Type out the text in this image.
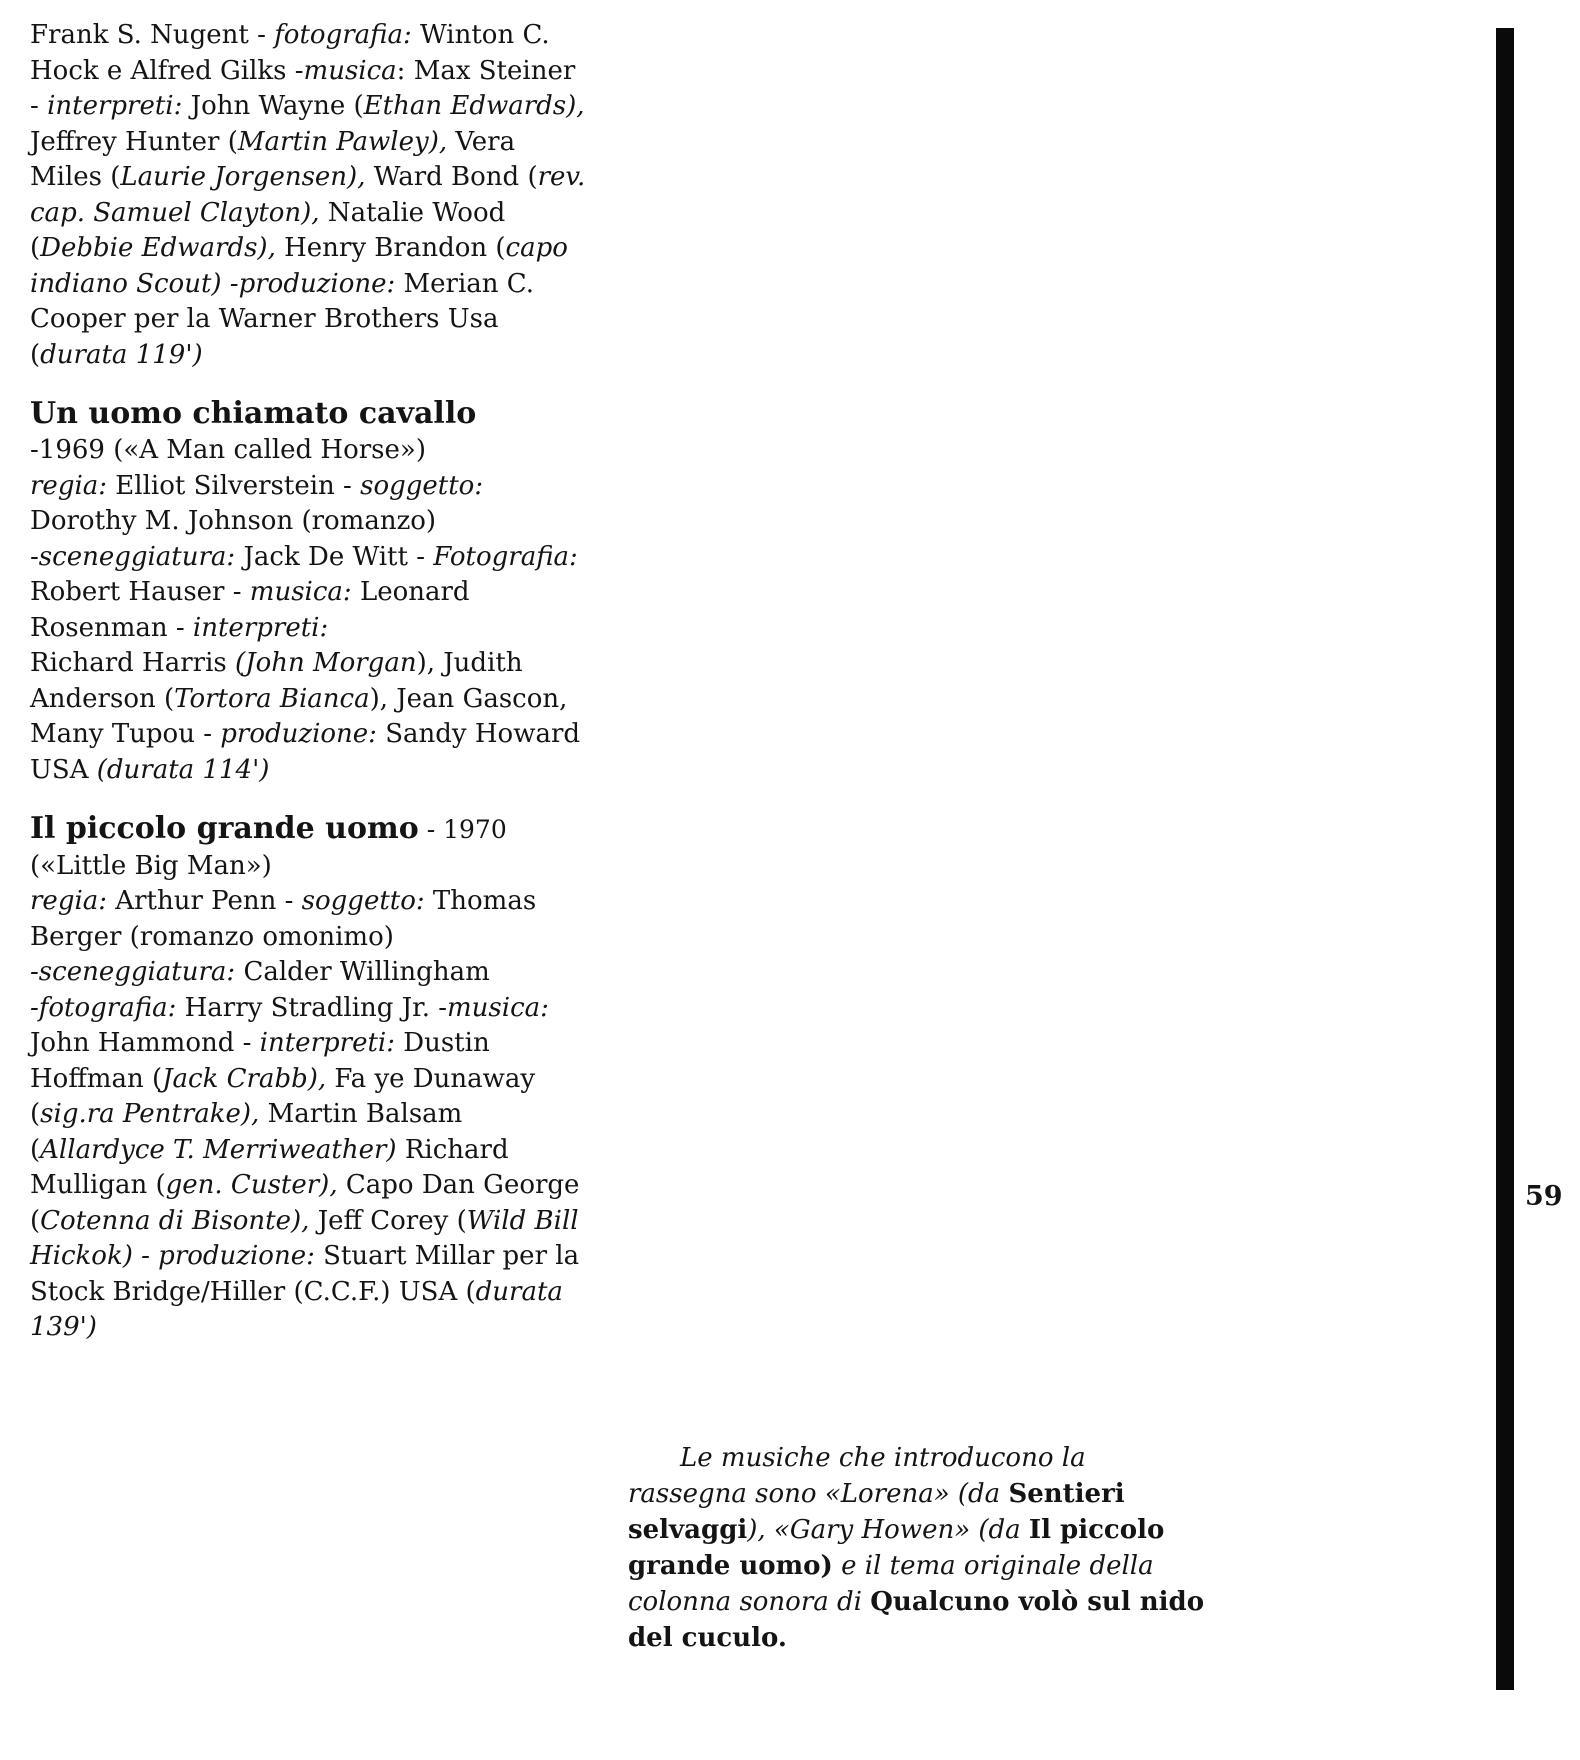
Frank S. Nugent - fotografia: Winton C.
Hock e Alfred Gilks -musica: Max Steiner
- interpreti: John Wayne (Ethan Edwards),
Jeffrey Hunter (Martin Pawley), Vera
Miles (Laurie Jorgensen), Ward Bond (rev.
cap. Samuel Clayton), Natalie Wood
(Debbie Edwards), Henry Brandon (capo
indiano Scout) -produzione: Merian C.
Cooper per la Warner Brothers Usa
(durata 119')
Un uomo chiamato cavallo
-1969 («A Man called Horse»)
regia: Elliot Silverstein - soggetto:
Dorothy M. Johnson (romanzo)
-sceneggiatura: Jack De Witt - Fotografia:
Robert Hauser - musica: Leonard
Rosenman - interpreti:
Richard Harris (John Morgan), Judith
Anderson (Tortora Bianca), Jean Gascon,
Many Tupou - produzione: Sandy Howard
USA (durata 114')
Il piccolo grande uomo - 1970
(«Little Big Man»)
regia: Arthur Penn - soggetto: Thomas
Berger (romanzo omonimo)
-sceneggiatura: Calder Willingham
-fotografia: Harry Stradling Jr. -musica:
John Hammond - interpreti: Dustin
Hoffman (Jack Crabb), Fa ye Dunaway
(sig.ra Pentrake), Martin Balsam
(Allardyce T. Merriweather) Richard
Mulligan (gen. Custer), Capo Dan George
(Cotenna di Bisonte), Jeff Corey (Wild Bill
Hickok) - produzione: Stuart Millar per la
Stock Bridge/Hiller (C.C.F.) USA (durata
139')
Le musiche che introducono la
rassegna sono «Lorena» (da Sentieri
selvaggi), «Gary Howen» (da Il piccolo
grande uomo) e il tema originale della
colonna sonora di Qualcuno volò sul nido
del cuculo.
59
